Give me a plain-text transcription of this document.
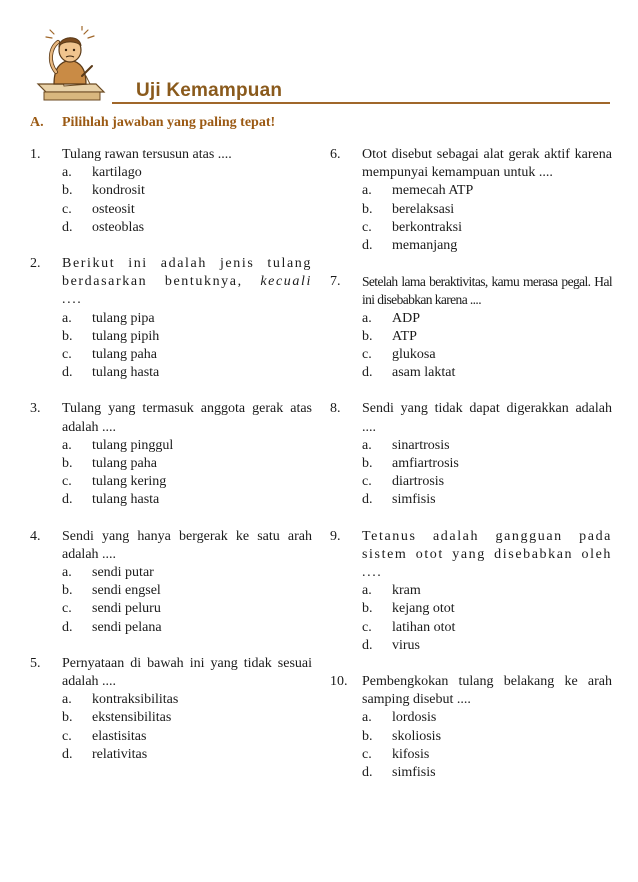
Uji Kemampuan
A. Pilihlah jawaban yang paling tepat!
1.	Tulang rawan tersusun atas ....
a. kartilago
b. kondrosit
c. osteosit
d. osteoblas
2.	Berikut ini adalah jenis tulang berdasarkan bentuknya, kecuali ....
a. tulang pipa
b. tulang pipih
c. tulang paha
d. tulang hasta
3.	Tulang yang termasuk anggota gerak atas adalah ....
a. tulang pinggul
b. tulang paha
c. tulang kering
d. tulang hasta
4.	Sendi yang hanya bergerak ke satu arah adalah ....
a. sendi putar
b. sendi engsel
c. sendi peluru
d. sendi pelana
5.	Pernyataan di bawah ini yang tidak sesuai adalah ....
a. kontraksibilitas
b. ekstensibilitas
c. elastisitas
d. relativitas
6.	Otot disebut sebagai alat gerak aktif karena mempunyai kemampuan untuk ....
a. memecah ATP
b. berelaksasi
c. berkontraksi
d. memanjang
7.	Setelah lama beraktivitas, kamu merasa pegal. Hal ini disebabkan karena ....
a. ADP
b. ATP
c. glukosa
d. asam laktat
8.	Sendi yang tidak dapat digerakkan adalah ....
a. sinartrosis
b. amfiartrosis
c. diartrosis
d. simfisis
9.	Tetanus adalah gangguan pada sistem otot yang disebabkan oleh ....
a. kram
b. kejang otot
c. latihan otot
d. virus
10.	Pembengkokan tulang belakang ke arah samping disebut ....
a. lordosis
b. skoliosis
c. kifosis
d. simfisis
